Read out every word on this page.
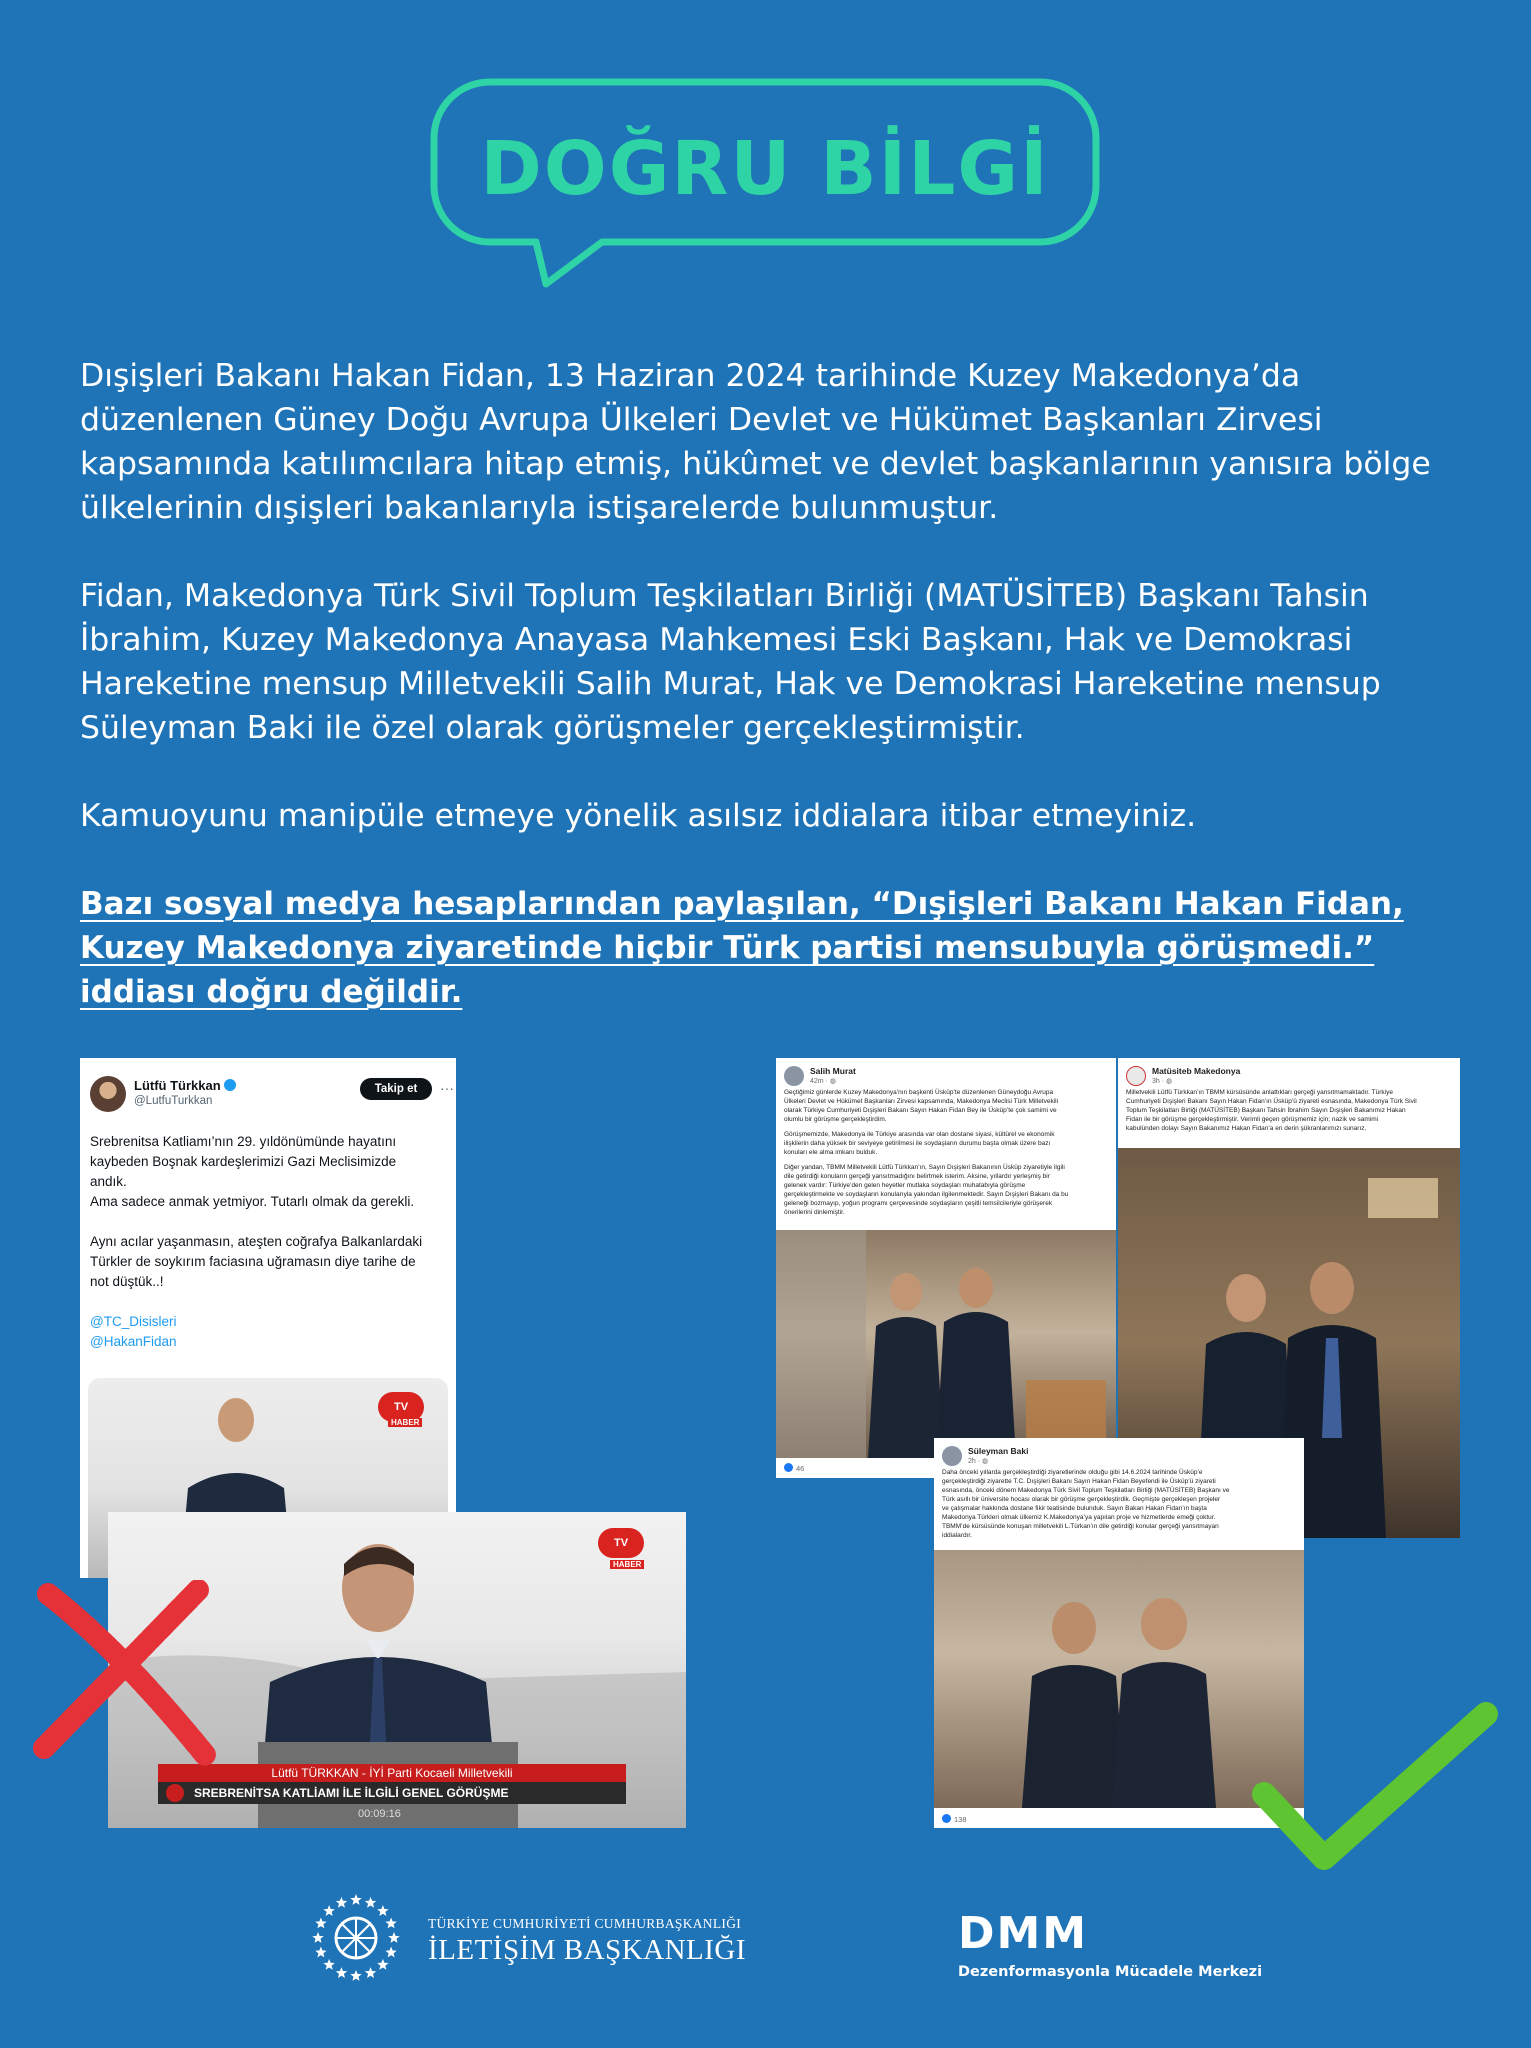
DOĞRU BİLGİ

Dışişleri Bakanı Hakan Fidan, 13 Haziran 2024 tarihinde Kuzey Makedonya’da düzenlenen Güney Doğu Avrupa Ülkeleri Devlet ve Hükümet Başkanları Zirvesi kapsamında katılımcılara hitap etmiş, hükûmet ve devlet başkanlarının yanısıra bölge ülkelerinin dışişleri bakanlarıyla istişarelerde bulunmuştur.

Fidan, Makedonya Türk Sivil Toplum Teşkilatları Birliği (MATÜSİTEB) Başkanı Tahsin İbrahim, Kuzey Makedonya Anayasa Mahkemesi Eski Başkanı, Hak ve Demokrasi Hareketine mensup Milletvekili Salih Murat, Hak ve Demokrasi Hareketine mensup Süleyman Baki ile özel olarak görüşmeler gerçekleştirmiştir.

Kamuoyunu manipüle etmeye yönelik asılsız iddialara itibar etmeyiniz.

Bazı sosyal medya hesaplarından paylaşılan, “Dışişleri Bakanı Hakan Fidan, Kuzey Makedonya ziyaretinde hiçbir Türk partisi mensubuyla görüşmedi.” iddiası doğru değildir.

Lütfü Türkkan
@LutfuTurkkan
Takip et	···
Srebrenitsa Katliamı’nın 29. yıldönümünde hayatını
kaybeden Boşnak kardeşlerimizi Gazi Meclisimizde
andık.
Ama sadece anmak yetmiyor. Tutarlı olmak da gerekli.
Aynı acılar yaşanmasın, ateşten coğrafya Balkanlardaki
Türkler de soykırım faciasına uğramasın diye tarihe de
not düştük..!
@TC_Disisleri
@HakanFidan
TV
HABER
TV
HABER
Lütfü TÜRKKAN - İYİ Parti Kocaeli Milletvekili
SREBRENİTSA KATLİAMI İLE İLGİLİ GENEL GÖRÜŞME
00:09:16
Salih Murat
42m · ◍
Geçtiğimiz günlerde Kuzey Makedonya’nın başkenti Üsküp’te düzenlenen Güneydoğu Avrupa
Ülkeleri Devlet ve Hükümet Başkanları Zirvesi kapsamında, Makedonya Meclisi Türk Milletvekili
olarak Türkiye Cumhuriyeti Dışişleri Bakanı Sayın Hakan Fidan Bey ile Üsküp’te çok samimi ve
olumlu bir görüşme gerçekleştirdim.
Görüşmemizde, Makedonya ile Türkiye arasında var olan dostane siyasi, kültürel ve ekonomik
ilişkilerin daha yüksek bir seviyeye getirilmesi ile soydaşların durumu başta olmak üzere bazı
konuları ele alma imkanı bulduk.
Diğer yandan, TBMM Milletvekili Lütfü Türkkan’ın, Sayın Dışişleri Bakanının Üsküp ziyaretiyle ilgili
dile getirdiği konuların gerçeği yansıtmadığını belirtmek isterim. Aksine, yıllardır yerleşmiş bir
gelenek vardır: Türkiye’den gelen heyetler mutlaka soydaşları muhatabıyla görüşme
gerçekleştirmekte ve soydaşların konularıyla yakından ilgilenmektedir. Sayın Dışişleri Bakanı da bu
geleneği bozmayıp, yoğun programı çerçevesinde soydaşların çeşitli temsilcileriyle görüşerek
önerilerini dinlemiştir.
46
Matüsiteb Makedonya
3h · ◍
Milletvekili Lütfü Türkkan’ın TBMM kürsüsünde anlattıkları gerçeği yansıtmamaktadır. Türkiye
Cumhuriyeti Dışişleri Bakanı Sayın Hakan Fidan’ın Üsküp’ü ziyareti esnasında, Makedonya Türk Sivil
Toplum Teşkilatları Birliği (MATÜSİTEB) Başkanı Tahsin İbrahim Sayın Dışişleri Bakanımız Hakan
Fidan ile bir görüşme gerçekleştirmiştir. Verimli geçen görüşmemiz için; nazik ve samimi
kabulünden dolayı Sayın Bakanımız Hakan Fidan’a en derin şükranlarımızı sunarız.
Süleyman Baki
2h · ◍
Daha önceki yıllarda gerçekleştirdiği ziyaretlerinde olduğu gibi 14.6.2024 tarihinde Üsküp’e
gerçekleştirdiği ziyarette T.C. Dışişleri Bakanı Sayın Hakan Fidan Beyefendi ile Üsküp’ü ziyareti
esnasında, önceki dönem Makedonya Türk Sivil Toplum Teşkilatları Birliği (MATÜSİTEB) Başkanı ve
Türk asıllı bir üniversite hocası olarak bir görüşme gerçekleştirdik. Geçmişte gerçekleşen projeler
ve çalışmalar hakkında dostane fikir teatisinde bulunduk. Sayın Bakan Hakan Fidan’ın başta
Makedonya Türkleri olmak ülkemiz K.Makedonya’ya yapılan proje ve hizmetlerde emeği çoktur.
TBMM’de kürsüsünde konuşan milletvekili L.Türkan’ın dile getirdiği konular gerçeği yansıtmayan
iddialardır.
138
TÜRKİYE CUMHURİYETİ CUMHURBAŞKANLIĞI
İLETİŞİM BAŞKANLIĞI	DMM
Dezenformasyonla Mücadele Merkezi
